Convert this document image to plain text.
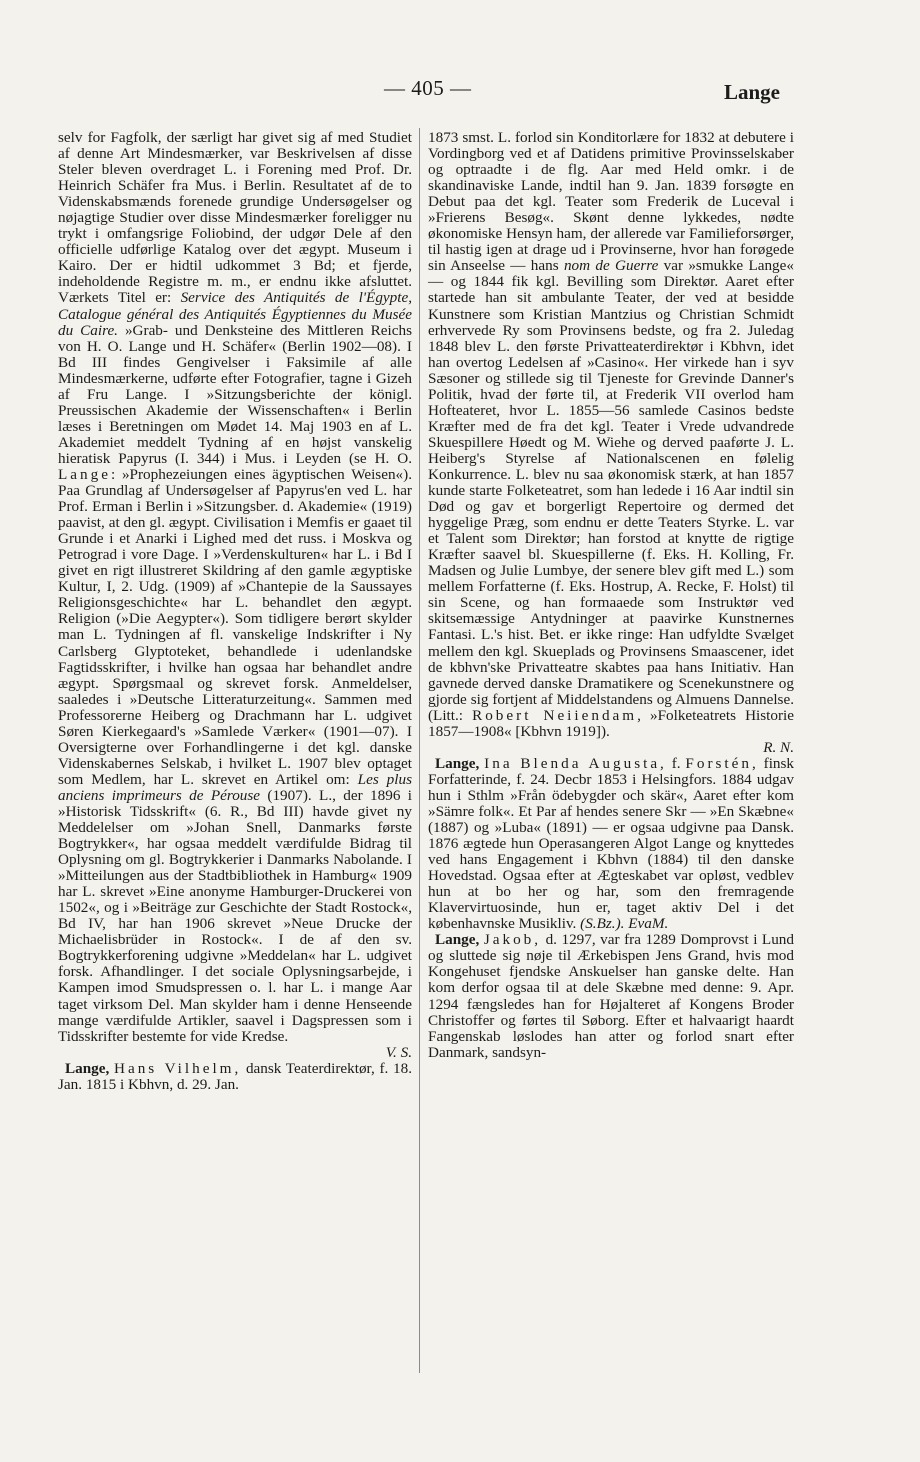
— 405 —	Lange

selv for Fagfolk, der særligt har givet sig af med Studiet af denne Art Mindesmærker, var Beskrivelsen af disse Steler bleven overdraget L. i Forening med Prof. Dr. Heinrich Schäfer fra Mus. i Berlin. Resultatet af de to Videnskabsmænds forenede grundige Undersøgelser og nøjagtige Studier over disse Mindesmærker foreligger nu trykt i omfangsrige Foliobind, der udgør Dele af den officielle udførlige Katalog over det ægypt. Museum i Kairo. Der er hidtil udkommet 3 Bd; et fjerde, indeholdende Registre m. m., er endnu ikke afsluttet. Værkets Titel er: Service des Antiquités de l'Égypte, Catalogue général des Antiquités Égyptiennes du Musée du Caire. »Grab- und Denksteine des Mittleren Reichs von H. O. Lange und H. Schäfer« (Berlin 1902—08). I Bd III findes Gengivelser i Faksimile af alle Mindesmærkerne, udførte efter Fotografier, tagne i Gizeh af Fru Lange. I »Sitzungsberichte der königl. Preussischen Akademie der Wissenschaften« i Berlin læses i Beretningen om Mødet 14. Maj 1903 en af L. Akademiet meddelt Tydning af en højst vanskelig hieratisk Papyrus (I. 344) i Mus. i Leyden (se H. O. Lange: »Prophezeiungen eines ägyptischen Weisen«). Paa Grundlag af Undersøgelser af Papyrus'en ved L. har Prof. Erman i Berlin i »Sitzungsber. d. Akademie« (1919) paavist, at den gl. ægypt. Civilisation i Memfis er gaaet til Grunde i et Anarki i Lighed med det russ. i Moskva og Petrograd i vore Dage. I »Verdenskulturen« har L. i Bd I givet en rigt illustreret Skildring af den gamle ægyptiske Kultur, I, 2. Udg. (1909) af »Chantepie de la Saussayes Religionsgeschichte« har L. behandlet den ægypt. Religion (»Die Aegypter«). Som tidligere berørt skylder man L. Tydningen af fl. vanskelige Indskrifter i Ny Carlsberg Glyptoteket, behandlede i udenlandske Fagtidsskrifter, i hvilke han ogsaa har behandlet andre ægypt. Spørgsmaal og skrevet forsk. Anmeldelser, saaledes i »Deutsche Litteraturzeitung«. Sammen med Professorerne Heiberg og Drachmann har L. udgivet Søren Kierkegaard's »Samlede Værker« (1901—07). I Oversigterne over Forhandlingerne i det kgl. danske Videnskabernes Selskab, i hvilket L. 1907 blev optaget som Medlem, har L. skrevet en Artikel om: Les plus anciens imprimeurs de Pérouse (1907). L., der 1896 i »Historisk Tidsskrift« (6. R., Bd III) havde givet ny Meddelelser om »Johan Snell, Danmarks første Bogtrykker«, har ogsaa meddelt værdifulde Bidrag til Oplysning om gl. Bogtrykkerier i Danmarks Nabolande. I »Mitteilungen aus der Stadtbibliothek in Hamburg« 1909 har L. skrevet »Eine anonyme Hamburger-Druckerei von 1502«, og i »Beiträge zur Geschichte der Stadt Rostock«, Bd IV, har han 1906 skrevet »Neue Drucke der Michaelisbrüder in Rostock«. I de af den sv. Bogtrykkerforening udgivne »Meddelan« har L. udgivet forsk. Afhandlinger. I det sociale Oplysningsarbejde, i Kampen imod Smudspressen o. l. har L. i mange Aar taget virksom Del. Man skylder ham i denne Henseende mange værdifulde Artikler, saavel i Dagspressen som i Tidsskrifter bestemte for vide Kredse.
V. S.

Lange, Hans Vilhelm, dansk Teaterdirektør, f. 18. Jan. 1815 i Kbhvn, d. 29. Jan.

1873 smst. L. forlod sin Konditorlære for 1832 at debutere i Vordingborg ved et af Datidens primitive Provinsselskaber og optraadte i de flg. Aar med Held omkr. i de skandinaviske Lande, indtil han 9. Jan. 1839 forsøgte en Debut paa det kgl. Teater som Frederik de Luceval i »Frierens Besøg«. Skønt denne lykkedes, nødte økonomiske Hensyn ham, der allerede var Familieforsørger, til hastig igen at drage ud i Provinserne, hvor han forøgede sin Anseelse — hans nom de Guerre var »smukke Lange« — og 1844 fik kgl. Bevilling som Direktør. Aaret efter startede han sit ambulante Teater, der ved at besidde Kunstnere som Kristian Mantzius og Christian Schmidt erhvervede Ry som Provinsens bedste, og fra 2. Juledag 1848 blev L. den første Privatteaterdirektør i Kbhvn, idet han overtog Ledelsen af »Casino«. Her virkede han i syv Sæsoner og stillede sig til Tjeneste for Grevinde Danner's Politik, hvad der førte til, at Frederik VII overlod ham Hofteateret, hvor L. 1855—56 samlede Casinos bedste Kræfter med de fra det kgl. Teater i Vrede udvandrede Skuespillere Høedt og M. Wiehe og derved paaførte J. L. Heiberg's Styrelse af Nationalscenen en følelig Konkurrence. L. blev nu saa økonomisk stærk, at han 1857 kunde starte Folketeatret, som han ledede i 16 Aar indtil sin Død og gav et borgerligt Repertoire og dermed det hyggelige Præg, som endnu er dette Teaters Styrke. L. var et Talent som Direktør; han forstod at knytte de rigtige Kræfter saavel bl. Skuespillerne (f. Eks. H. Kolling, Fr. Madsen og Julie Lumbye, der senere blev gift med L.) som mellem Forfatterne (f. Eks. Hostrup, A. Recke, F. Holst) til sin Scene, og han formaaede som Instruktør ved skitsemæssige Antydninger at paavirke Kunstnernes Fantasi. L.'s hist. Bet. er ikke ringe: Han udfyldte Svælget mellem den kgl. Skueplads og Provinsens Smaascener, idet de kbhvn'ske Privatteatre skabtes paa hans Initiativ. Han gavnede derved danske Dramatikere og Scenekunstnere og gjorde sig fortjent af Middelstandens og Almuens Dannelse. (Litt.: Robert Neiiendam, »Folketeatrets Historie 1857—1908« [Kbhvn 1919]).
R. N.

Lange, Ina Blenda Augusta, f. Forstén, finsk Forfatterinde, f. 24. Decbr 1853 i Helsingfors. 1884 udgav hun i Sthlm »Från ödebygder och skär«, Aaret efter kom »Sämre folk«. Et Par af hendes senere Skr — »En Skæbne« (1887) og »Luba« (1891) — er ogsaa udgivne paa Dansk. 1876 ægtede hun Operasangeren Algot Lange og knyttedes ved hans Engagement i Kbhvn (1884) til den danske Hovedstad. Ogsaa efter at Ægteskabet var opløst, vedblev hun at bo her og har, som den fremragende Klavervirtuosinde, hun er, taget aktiv Del i det københavnske Musikliv. (S.Bz.). EvaM.

Lange, Jakob, d. 1297, var fra 1289 Domprovst i Lund og sluttede sig nøje til Ærkebispen Jens Grand, hvis mod Kongehuset fjendske Anskuelser han ganske delte. Han kom derfor ogsaa til at dele Skæbne med denne: 9. Apr. 1294 fængsledes han for Højalteret af Kongens Broder Christoffer og førtes til Søborg. Efter et halvaarigt haardt Fangenskab løslodes han atter og forlod snart efter Danmark, sandsyn-
